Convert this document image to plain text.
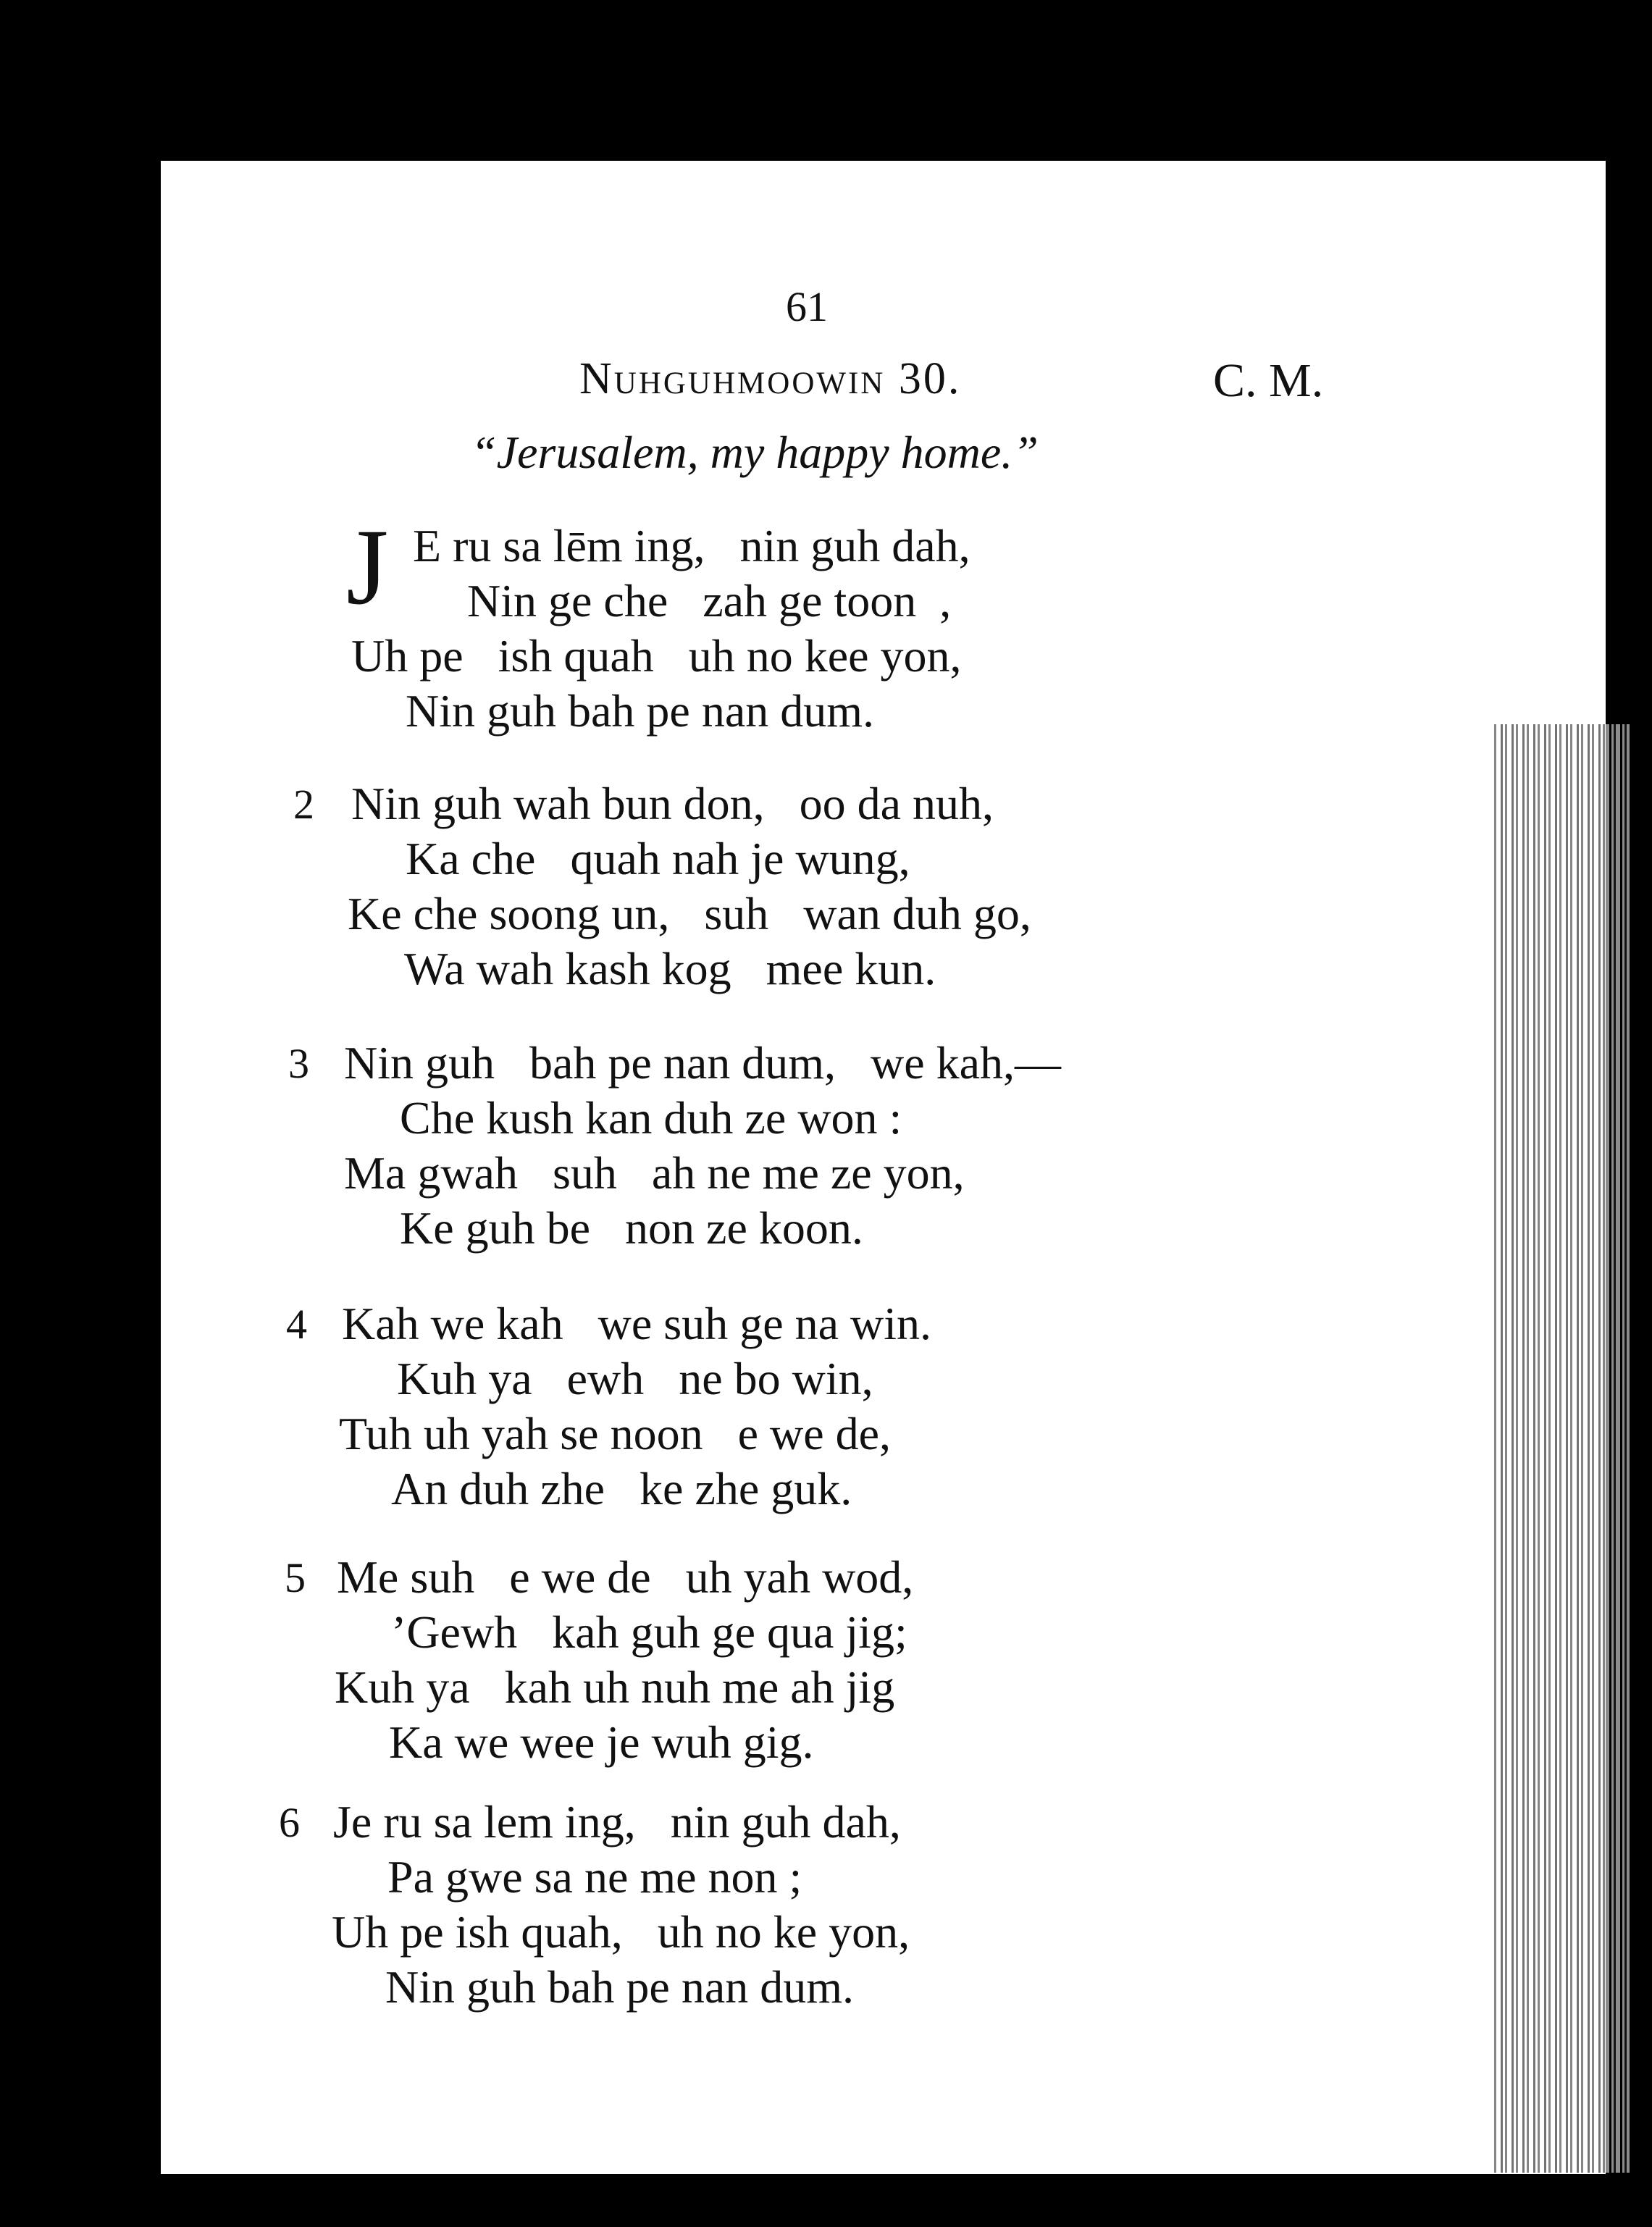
61
Nuhguhmoowin 30.	C. M.
“Jerusalem, my happy home.”
J E ru sa lēm ing,   nin guh dah,
Nin ge che   zah ge toon  ,
Uh pe   ish quah   uh no kee yon,
Nin guh bah pe nan dum.
2 Nin guh wah bun don,   oo da nuh,
Ka che   quah nah je wung,
Ke che soong un,   suh   wan duh go,
Wa wah kash kog   mee kun.
3 Nin guh   bah pe nan dum,   we kah,—
Che kush kan duh ze won :
Ma gwah   suh   ah ne me ze yon,
Ke guh be   non ze koon.
4 Kah we kah   we suh ge na win.
Kuh ya   ewh   ne bo win,
Tuh uh yah se noon   e we de,
An duh zhe   ke zhe guk.
5 Me suh   e we de   uh yah wod,
’Gewh   kah guh ge qua jig;
Kuh ya   kah uh nuh me ah jig
Ka we wee je wuh gig.
6 Je ru sa lem ing,   nin guh dah,
Pa gwe sa ne me non ;
Uh pe ish quah,   uh no ke yon,
Nin guh bah pe nan dum.
